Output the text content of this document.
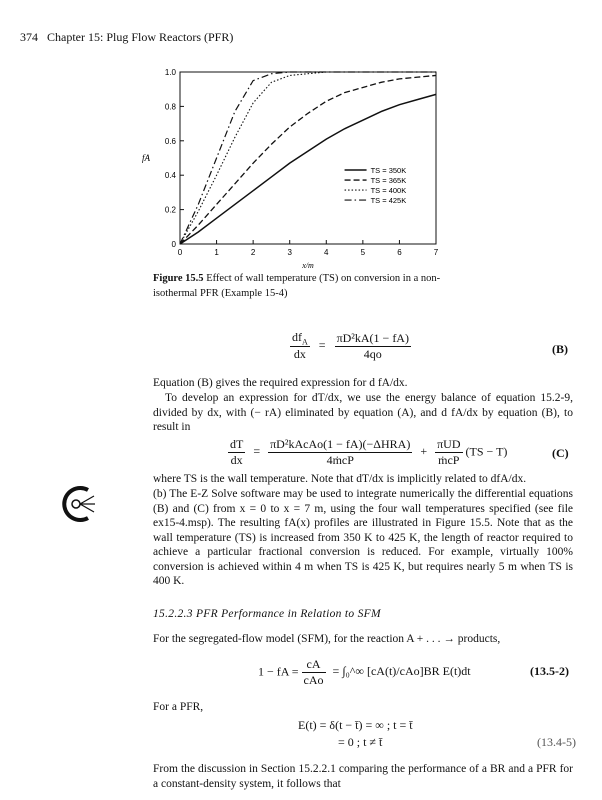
374 Chapter 15: Plug Flow Reactors (PFR)
0	1	2	3	4	5	6	7
0
0.2
0.4
0.6
0.8
1.0
x/m
fA
TS = 350K
TS = 365K
TS = 400K
TS = 425K
Figure 15.5 Effect of wall temperature (TS) on conversion in a non-isothermal PFR (Example 15-4)
$\frac{df_A}{dx} = \frac{\text{πD²kA(1 − fA)}}{4qo}$	(B)
Equation (B) gives the required expression for d fA/dx.
To develop an expression for dT/dx, we use the energy balance of equation 15.2-9, divided by dx, with (− rA) eliminated by equation (A), and d fA/dx by equation (B), to result in
$\frac{dT}{dx} = \frac{\text{πD²kAcAo(1 − fA)(−ΔHRA)}}{\text{4ṁcP}} + \frac{\text{πUD}}{\text{ṁcP}} (TS - T)$	(C)
where TS is the wall temperature. Note that dT/dx is implicitly related to dfA/dx.
(b) The E-Z Solve software may be used to integrate numerically the differential equations (B) and (C) from x = 0 to x = 7 m, using the four wall temperatures specified (see file ex15-4.msp). The resulting fA(x) profiles are illustrated in Figure 15.5. Note that as the wall temperature (TS) is increased from 350 K to 425 K, the length of reactor required to achieve a particular fractional conversion is reduced. For example, virtually 100% conversion is achieved within 4 m when TS is 425 K, but requires nearly 5 m when TS is 400 K.
15.2.2.3 PFR Performance in Relation to SFM
For the segregated-flow model (SFM), for the reaction A + . . . → products,
1 − fA = $\frac{cA}{\text{cAo}}$ = ∫₀^∞ [cA(t)/cAo]BR E(t)dt	(13.5-2)
For a PFR,
E(t) = δ(t − t̄) = ∞ ; t = t̄
= 0 ; t ≠ t̄	(13.4-5)
From the discussion in Section 15.2.2.1 comparing the performance of a BR and a PFR for a constant-density system, it follows that
